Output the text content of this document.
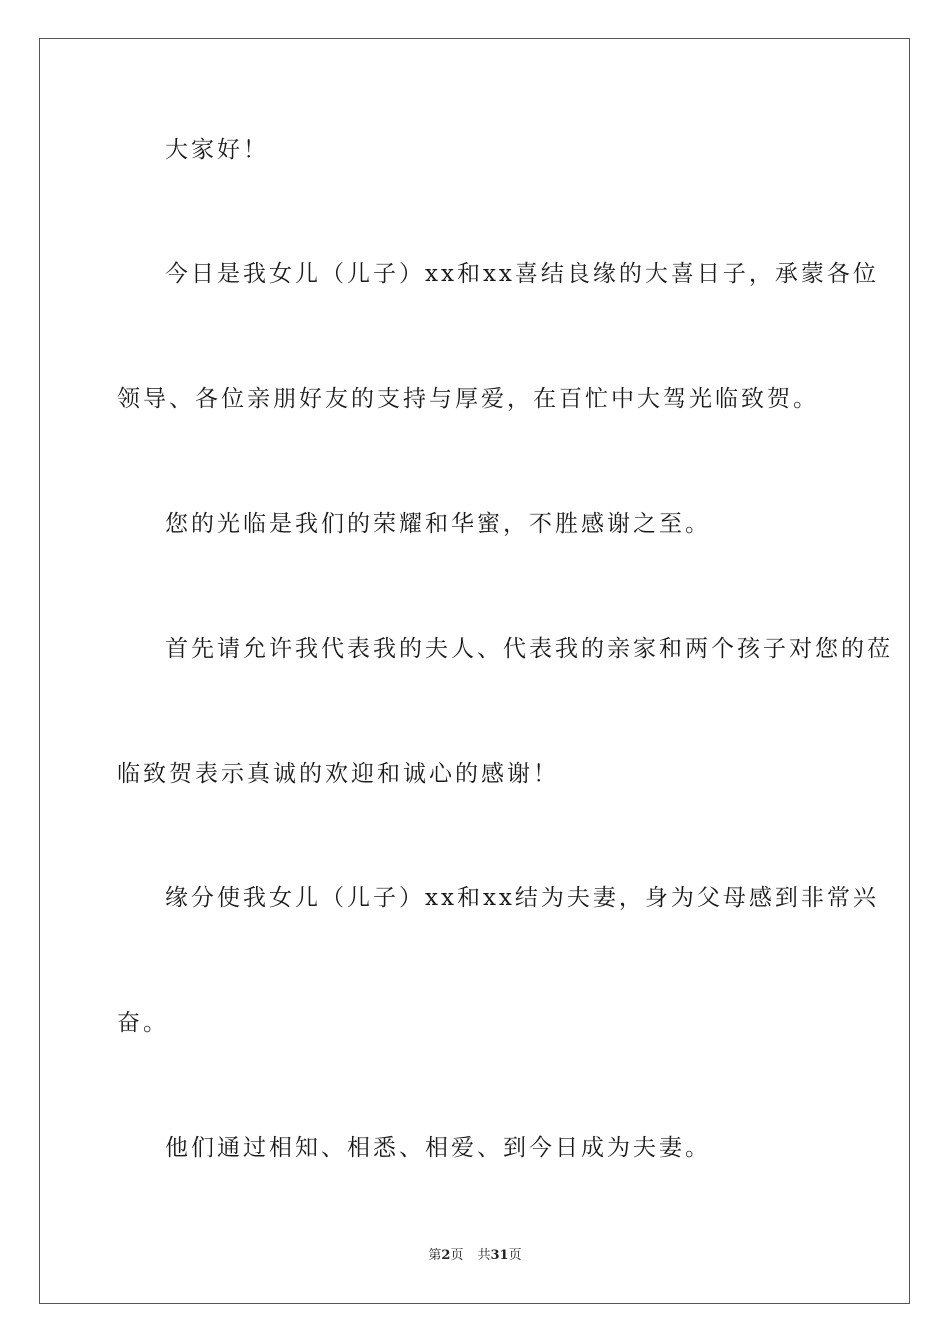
大家好！

今日是我女儿（儿子）xx和xx喜结良缘的大喜日子，承蒙各位

领导、各位亲朋好友的支持与厚爱，在百忙中大驾光临致贺。

您的光临是我们的荣耀和华蜜，不胜感谢之至。

首先请允许我代表我的夫人、代表我的亲家和两个孩子对您的莅

临致贺表示真诚的欢迎和诚心的感谢！

缘分使我女儿（儿子）xx和xx结为夫妻，身为父母感到非常兴

奋。

他们通过相知、相悉、相爱、到今日成为夫妻。

第2页 共31页
